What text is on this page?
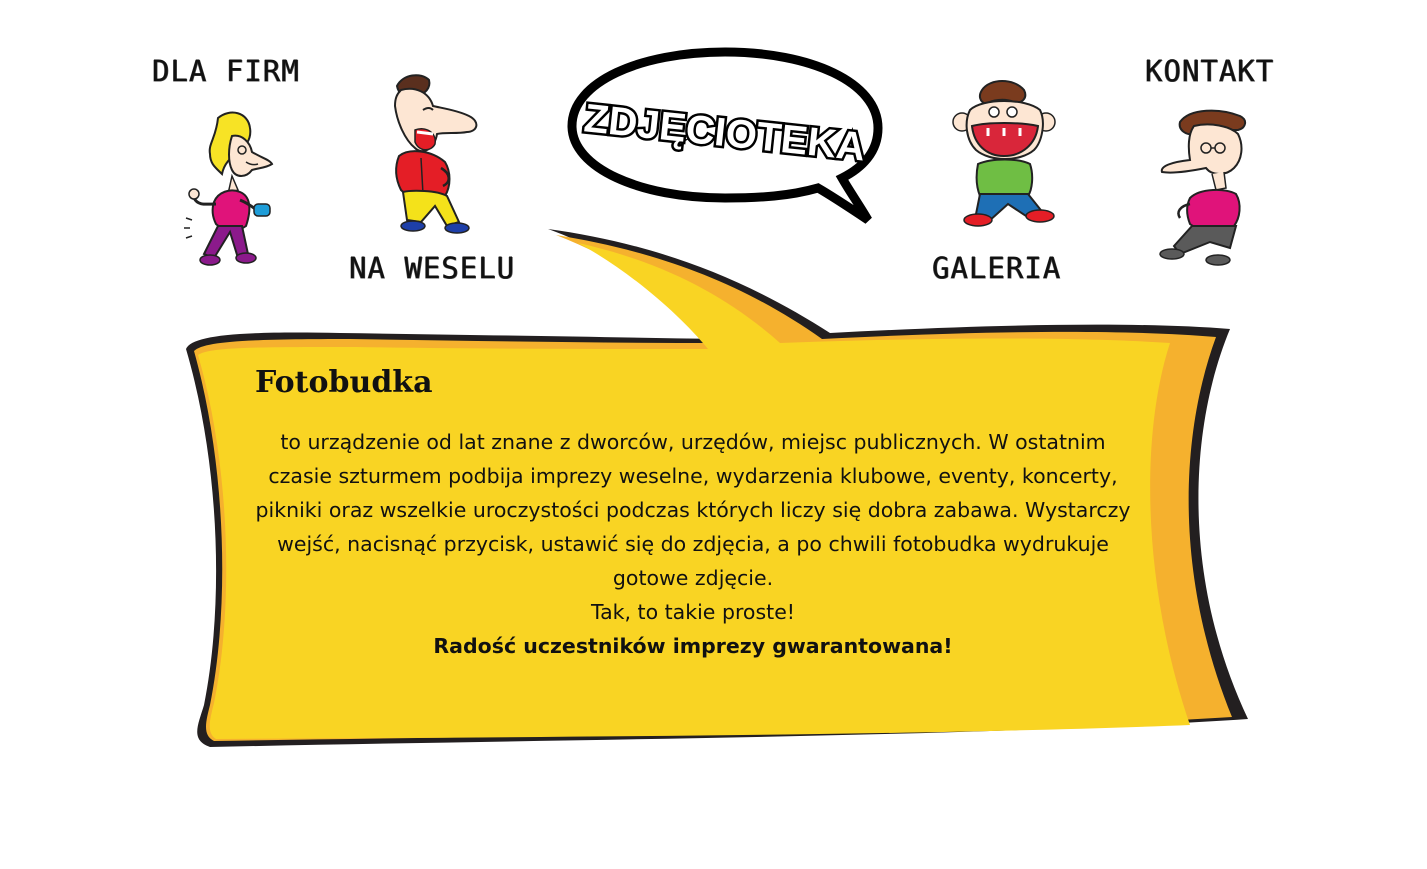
DLA FIRM
NA WESELU	GALERIA
KONTAKT
ZDJĘCIOTEKA
Fotobudka

to urządzenie od lat znane z dworców, urzędów, miejsc publicznych. W ostatnim czasie szturmem podbija imprezy weselne, wydarzenia klubowe, eventy, koncerty, pikniki oraz wszelkie uroczystości podczas których liczy się dobra zabawa. Wystarczy wejść, nacisnąć przycisk, ustawić się do zdjęcia, a po chwili fotobudka wydrukuje gotowe zdjęcie.

Tak, to takie proste!

Radość uczestników imprezy gwarantowana!
